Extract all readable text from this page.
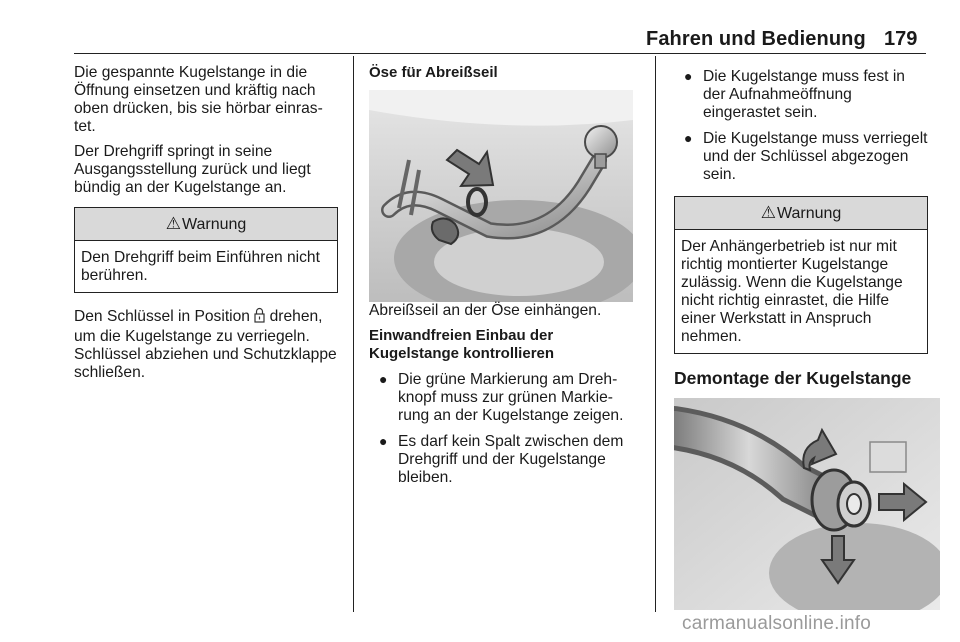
Fahren und Bedienung 179

Die gespannte Kugelstange in die Öffnung einsetzen und kräftig nach oben drücken, bis sie hörbar einrastet.

Der Drehgriff springt in seine Ausgangsstellung zurück und liegt bündig an der Kugelstange an.

⚠Warnung
Den Drehgriff beim Einführen nicht berühren.

Den Schlüssel in Position  drehen, um die Kugelstange zu verriegeln. Schlüssel abziehen und Schutzklappe schließen.

Öse für Abreißseil

Abreißseil an der Öse einhängen.

Einwandfreien Einbau der Kugelstange kontrollieren
● Die grüne Markierung am Drehknopf muss zur grünen Markierung an der Kugelstange zeigen.
● Es darf kein Spalt zwischen dem Drehgriff und der Kugelstange bleiben.
● Die Kugelstange muss fest in der Aufnahmeöffnung eingerastet sein.
● Die Kugelstange muss verriegelt und der Schlüssel abgezogen sein.
⚠Warnung
Der Anhängerbetrieb ist nur mit richtig montierter Kugelstange zulässig. Wenn die Kugelstange nicht richtig einrastet, die Hilfe einer Werkstatt in Anspruch nehmen.
Demontage der Kugelstange
carmanualsonline.info
